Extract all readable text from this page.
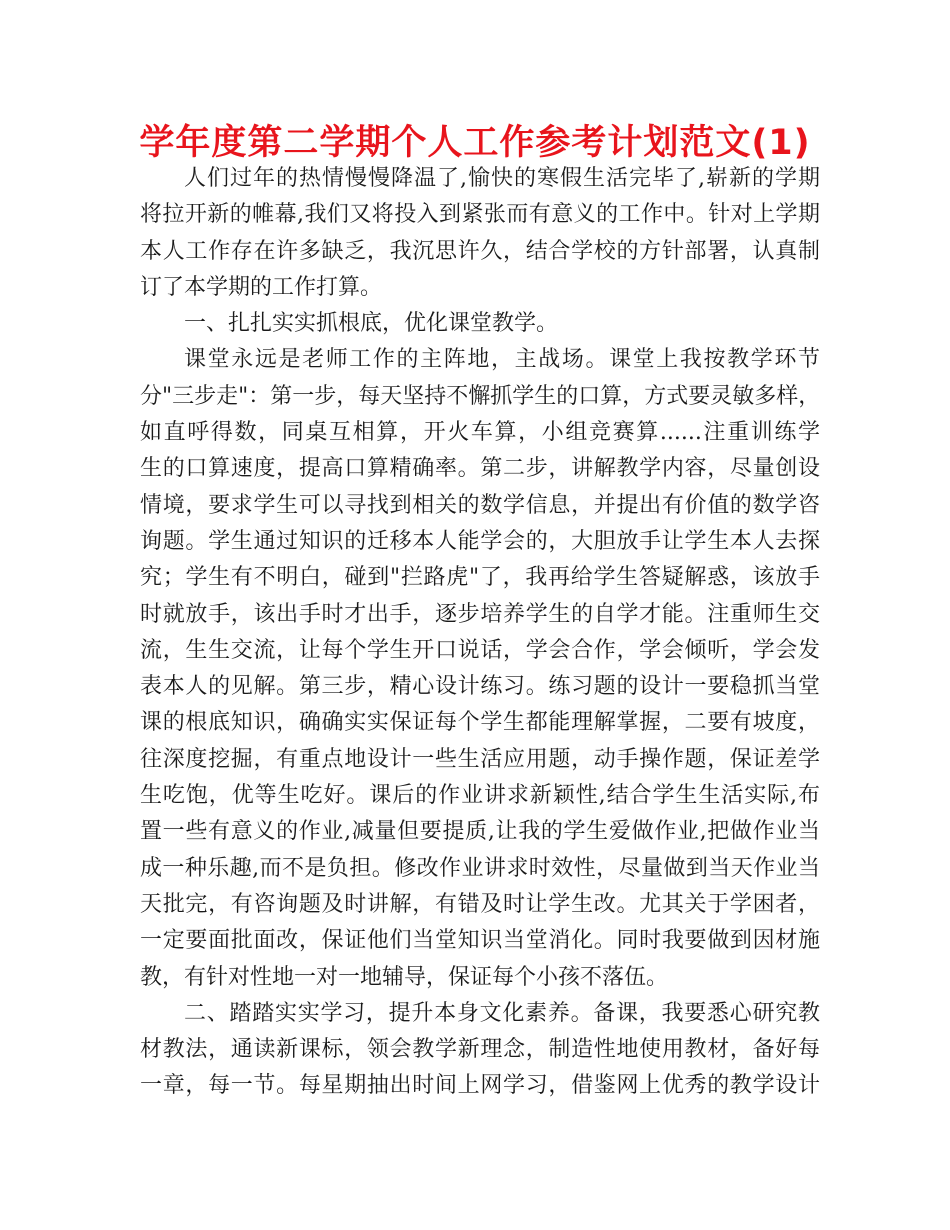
学年度第二学期个人工作参考计划范文(1)
人们过年的热情慢慢降温了,愉快的寒假生活完毕了,崭新的学期
将拉开新的帷幕,我们又将投入到紧张而有意义的工作中。针对上学期
本人工作存在许多缺乏，我沉思许久，结合学校的方针部署，认真制
订了本学期的工作打算。
一、扎扎实实抓根底，优化课堂教学。
课堂永远是老师工作的主阵地，主战场。课堂上我按教学环节
分"三步走"：第一步，每天坚持不懈抓学生的口算，方式要灵敏多样，
如直呼得数，同桌互相算，开火车算，小组竞赛算......注重训练学
生的口算速度，提高口算精确率。第二步，讲解教学内容，尽量创设
情境，要求学生可以寻找到相关的数学信息，并提出有价值的数学咨
询题。学生通过知识的迁移本人能学会的，大胆放手让学生本人去探
究；学生有不明白，碰到"拦路虎"了，我再给学生答疑解惑，该放手
时就放手，该出手时才出手，逐步培养学生的自学才能。注重师生交
流，生生交流，让每个学生开口说话，学会合作，学会倾听，学会发
表本人的见解。第三步，精心设计练习。练习题的设计一要稳抓当堂
课的根底知识，确确实实保证每个学生都能理解掌握，二要有坡度，
往深度挖掘，有重点地设计一些生活应用题，动手操作题，保证差学
生吃饱，优等生吃好。课后的作业讲求新颖性,结合学生生活实际,布
置一些有意义的作业,减量但要提质,让我的学生爱做作业,把做作业当
成一种乐趣,而不是负担。修改作业讲求时效性，尽量做到当天作业当
天批完，有咨询题及时讲解，有错及时让学生改。尤其关于学困者，
一定要面批面改，保证他们当堂知识当堂消化。同时我要做到因材施
教，有针对性地一对一地辅导，保证每个小孩不落伍。
二、踏踏实实学习，提升本身文化素养。备课，我要悉心研究教
材教法，通读新课标，领会教学新理念，制造性地使用教材，备好每
一章，每一节。每星期抽出时间上网学习，借鉴网上优秀的教学设计
